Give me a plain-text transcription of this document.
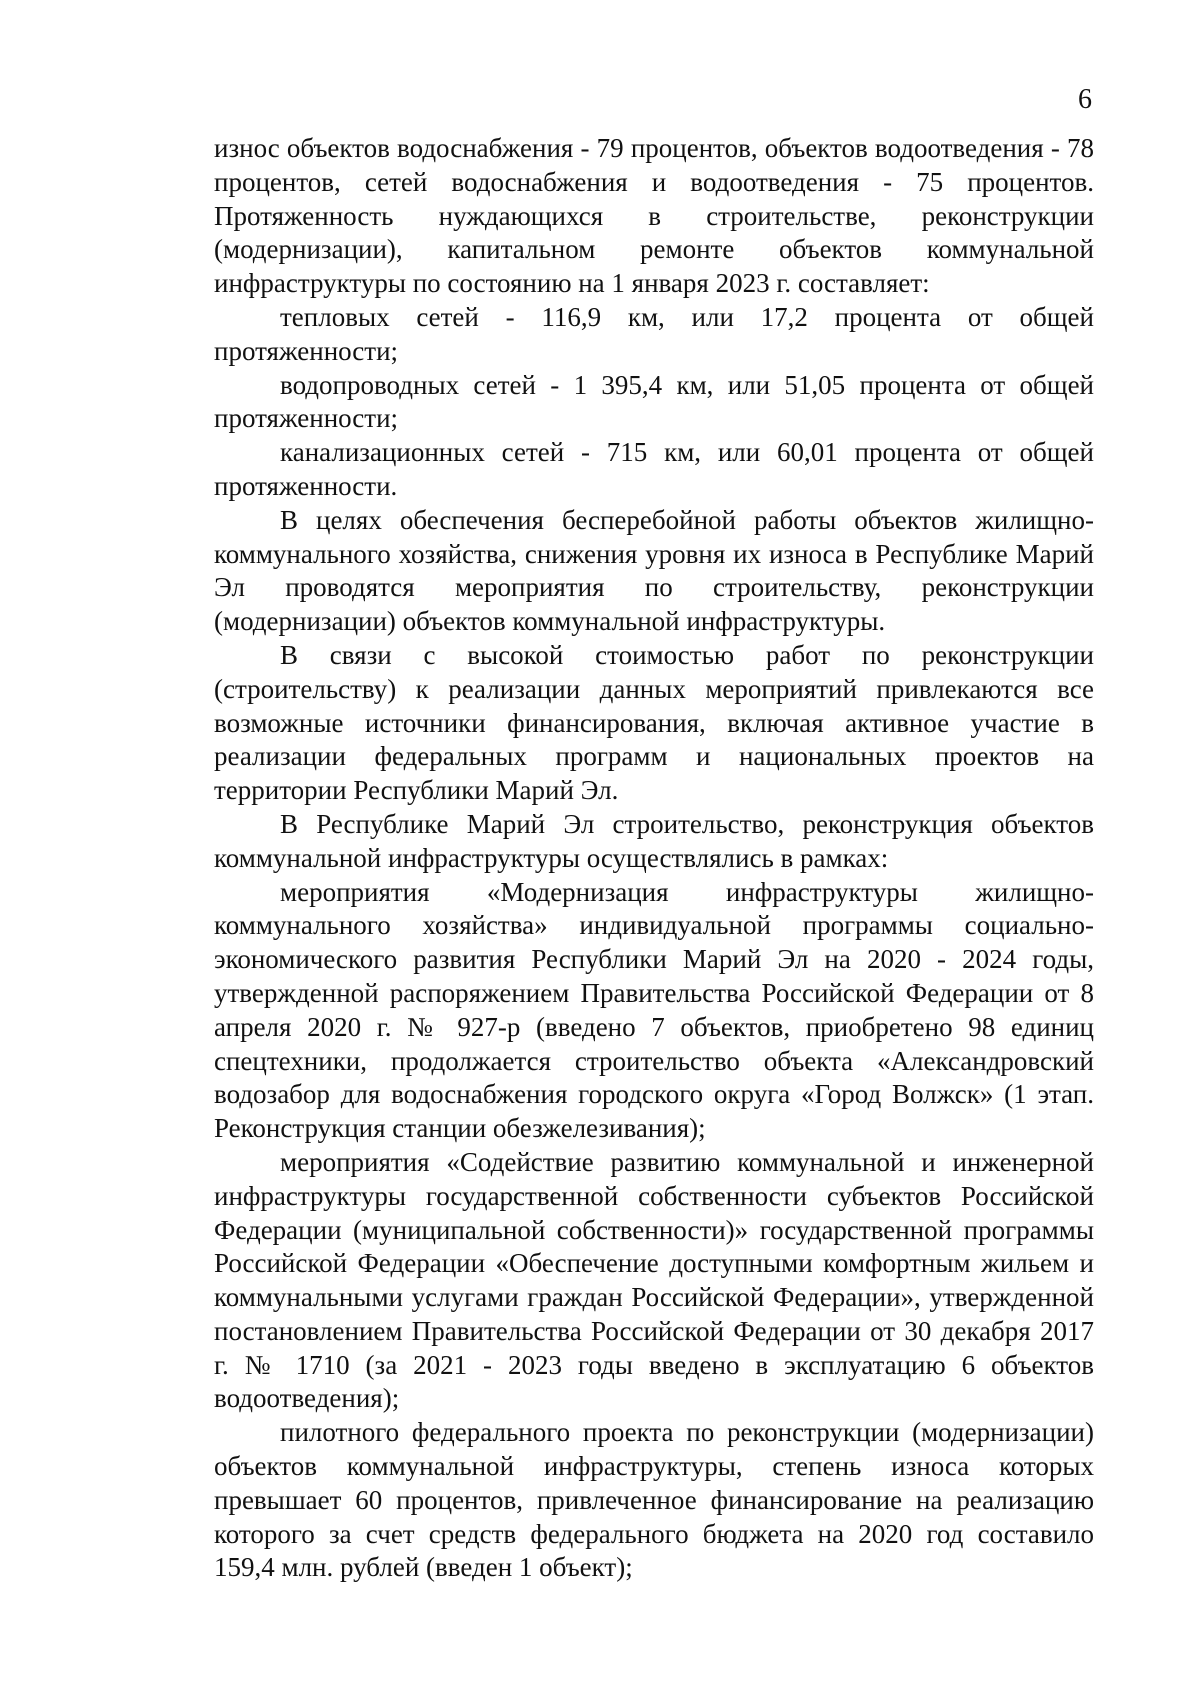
6

износ объектов водоснабжения - 79 процентов, объектов водоотведения - 78 процентов, сетей водоснабжения и водоотведения - 75 процентов. Протяженность нуждающихся в строительстве, реконструкции (модернизации), капитальном ремонте объектов коммунальной инфраструктуры по состоянию на 1 января 2023 г. составляет:

тепловых сетей - 116,9 км, или 17,2 процента от общей протяженности;

водопроводных сетей - 1 395,4 км, или 51,05 процента от общей протяженности;

канализационных сетей - 715 км, или 60,01 процента от общей протяженности.

В целях обеспечения бесперебойной работы объектов жилищно-коммунального хозяйства, снижения уровня их износа в Республике Марий Эл проводятся мероприятия по строительству, реконструкции (модернизации) объектов коммунальной инфраструктуры.

В связи с высокой стоимостью работ по реконструкции (строительству) к реализации данных мероприятий привлекаются все возможные источники финансирования, включая активное участие в реализации федеральных программ и национальных проектов на территории Республики Марий Эл.

В Республике Марий Эл строительство, реконструкция объектов коммунальной инфраструктуры осуществлялись в рамках:

мероприятия «Модернизация инфраструктуры жилищно-коммунального хозяйства» индивидуальной программы социально-экономического развития Республики Марий Эл на 2020 - 2024 годы, утвержденной распоряжением Правительства Российской Федерации от 8 апреля 2020 г. № 927-р (введено 7 объектов, приобретено 98 единиц спецтехники, продолжается строительство объекта «Александровский водозабор для водоснабжения городского округа «Город Волжск» (1 этап. Реконструкция станции обезжелезивания);

мероприятия «Содействие развитию коммунальной и инженерной инфраструктуры государственной собственности субъектов Российской Федерации (муниципальной собственности)» государственной программы Российской Федерации «Обеспечение доступными комфортным жильем и коммунальными услугами граждан Российской Федерации», утвержденной постановлением Правительства Российской Федерации от 30 декабря 2017 г. № 1710 (за 2021 - 2023 годы введено в эксплуатацию 6 объектов водоотведения);

пилотного федерального проекта по реконструкции (модернизации) объектов коммунальной инфраструктуры, степень износа которых превышает 60 процентов, привлеченное финансирование на реализацию которого за счет средств федерального бюджета на 2020 год составило 159,4 млн. рублей (введен 1 объект);
